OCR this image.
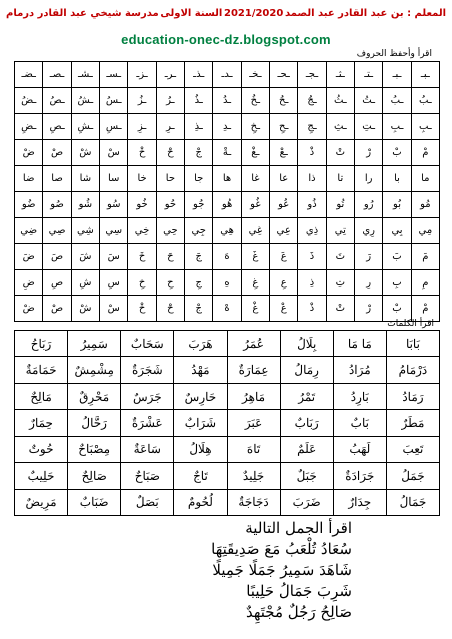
مدرسة شيخي عبد القادر درمام السنة الاولى 2021/2020 المعلم : بن عبد القادر عبد الصمد
education-onec-dz.blogspot.com
اقرأ وأحفظ الحروف
ـبـ	ـبـ	ـتـ	ـثـ	ـجـ	ـحـ	ـخـ	ـدـ	ـذـ	ـرـ	ـزـ	ـسـ	ـشـ	ـصـ	ـضـ
ـبُ	ـبُ	ـتُ	ـثُ	ـجُ	ـحُ	ـخُ	ـدُ	ـذُ	ـرُ	ـزُ	ـسُ	ـشُ	ـصُ	ـضُ
ـبِ	ـبِ	ـتِ	ـثِ	ـجِ	ـحِ	ـخِ	ـدِ	ـذِ	ـرِ	ـزِ	ـسِ	ـشِ	ـصِ	ـضِ
مْ	بْ	رْ	تْ	ذْ	ـعْ	ـغْ	ـةْ	جْ	حْ	خْ	سْ	شْ	صْ	ضْ
ما	با	را	تا	ذا	عا	غا	ها	جا	حا	خا	سا	شا	صا	ضا
مُو	بُو	رُو	تُو	ذُو	عُو	غُو	هُو	جُو	حُو	خُو	سُو	شُو	صُو	ضُو
مِي	بِي	رِي	تِي	ذِي	عِي	غِي	هِي	جِي	حِي	خِي	سِي	شِي	صِي	ضِي
مَ	بَ	رَ	تَ	ذَ	عَ	غَ	هَ	جَ	حَ	خَ	سَ	شَ	صَ	ضَ
مِ	بِ	رِ	تِ	ذِ	عِ	غِ	هِ	جِ	حِ	خِ	سِ	شِ	صِ	ضِ
مْ	بْ	رْ	تْ	ذْ	عْ	غْ	هْ	جْ	حْ	خْ	سْ	شْ	صْ	ضْ
اقرأ الكلمات
بَابَا	مَا مَا	بِلَالُ	عُمَرُ	هَرَبَ	سَحَابٌ	سَمِيرُ	رَبَاحُ
دَرْمَامُ	مُرَادُ	رِمَالُ	عِمَارَةٌ	مَهْدُ	شَجَرَةٌ	مِشْمِشٌ	حَمَامَةٌ
رَمَادُ	بَارِدُ	تَمْرُ	مَاهِرُ	حَارِسٌ	جَرَسٌ	مَحْرِقٌ	مَالِحٌ
مَطَرٌ	بَابٌ	رَبَابٌ	عَبَرَ	شَرَابٌ	عَشْرَةٌ	رَحَّالُ	حِمَارٌ
تَعِبَ	لَهَبُ	عَلَمٌ	تَاهَ	هِلَالُ	سَاعَةٌ	مِصْبَاحٌ	حُوتٌ
جَمَلُ	جَرَادَةٌ	جَبَلٌ	جَلِيدٌ	تَاجٌ	صَبَاحٌ	صَالِحٌ	حَلِيبٌ
جَمَالُ	جِدَارٌ	ضَرَبَ	دَجَاجَةٌ	لُحُومٌ	بَصَلٌ	ضَبَابٌ	مَرِيضٌ
اقرأ الجمل التالية
سُعَادُ تُلْعَبُ مَعَ صَدِيقَتِهَا
شَاهَدَ سَمِيرُ جَمَلًا جَمِيلًا
شَرِبَ جَمَالُ حَلِيبًا
صَالِحُ رَجُلٌ مُجْتَهِدٌ
